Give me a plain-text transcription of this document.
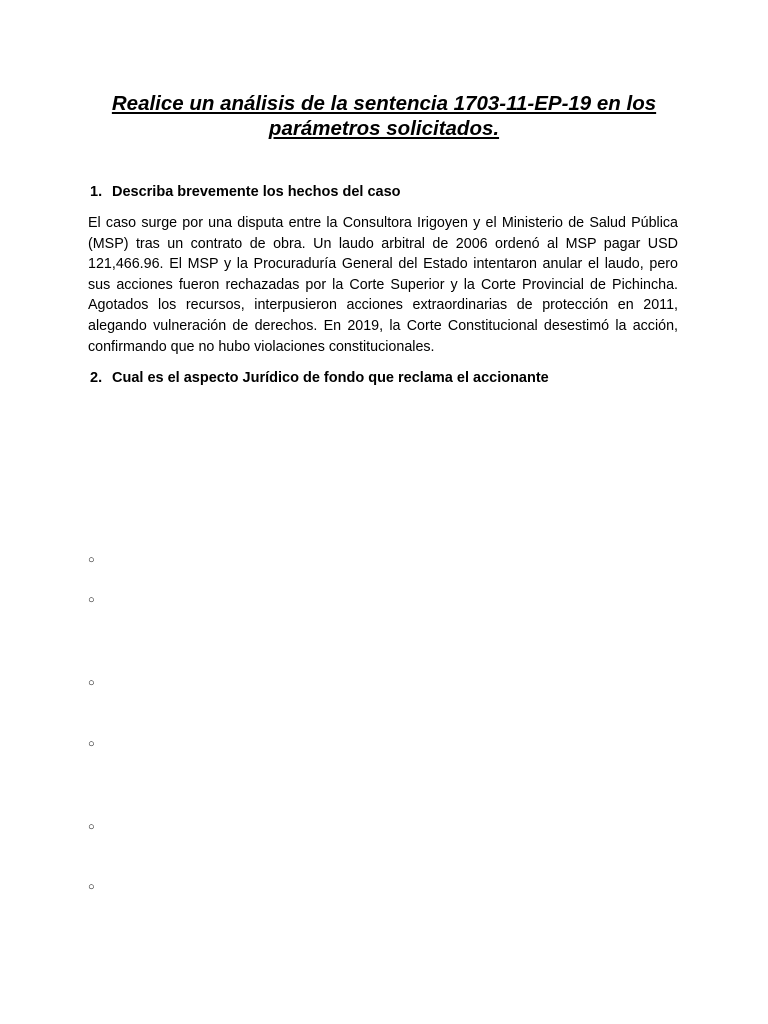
Realice un análisis de la sentencia 1703-11-EP-19 en los parámetros solicitados.
1. Describa brevemente los hechos del caso

El caso surge por una disputa entre la Consultora Irigoyen y el Ministerio de Salud Pública (MSP) tras un contrato de obra. Un laudo arbitral de 2006 ordenó al MSP pagar USD 121,466.96. El MSP y la Procuraduría General del Estado intentaron anular el laudo, pero sus acciones fueron rechazadas por la Corte Superior y la Corte Provincial de Pichincha. Agotados los recursos, interpusieron acciones extraordinarias de protección en 2011, alegando vulneración de derechos. En 2019, la Corte Constitucional desestimó la acción, confirmando que no hubo violaciones constitucionales.

2. Cual es el aspecto Jurídico de fondo que reclama el accionante
○
○
○
○
○
○
